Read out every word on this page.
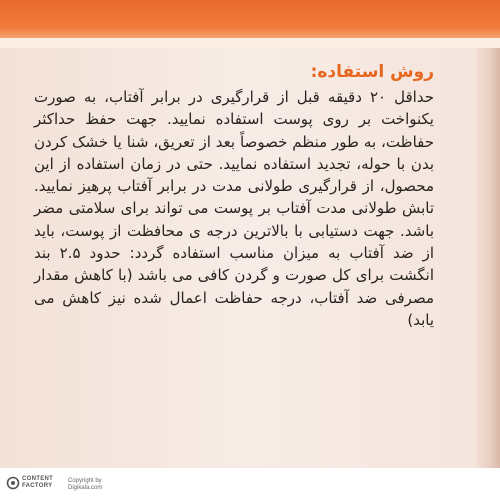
روش استفاده:
حداقل ۲۰ دقیقه قبل از قرارگیری در برابر آفتاب، به صورت یکنواخت بر روی پوست استفاده نمایید. جهت حفظ حداکثر حفاظت، به طور منظم خصوصاً بعد از تعریق، شنا یا خشک کردن بدن با حوله، تجدید استفاده نمایید. حتی در زمان استفاده از این محصول، از قرارگیری طولانی مدت در برابر آفتاب پرهیز نمایید. تابش طولانی مدت آفتاب بر پوست می تواند برای سلامتی مضر باشد. جهت دستیابی با بالاترین درجه ی محافظت از پوست، باید از ضد آفتاب به میزان مناسب استفاده گردد: حدود ۲.۵ بند انگشت برای کل صورت و گردن کافی می باشد (با کاهش مقدار مصرفی ضد آفتاب، درجه حفاظت اعمال شده نیز کاهش می یابد)
CONTENT
FACTORY
Copyright by
Digikala.com
